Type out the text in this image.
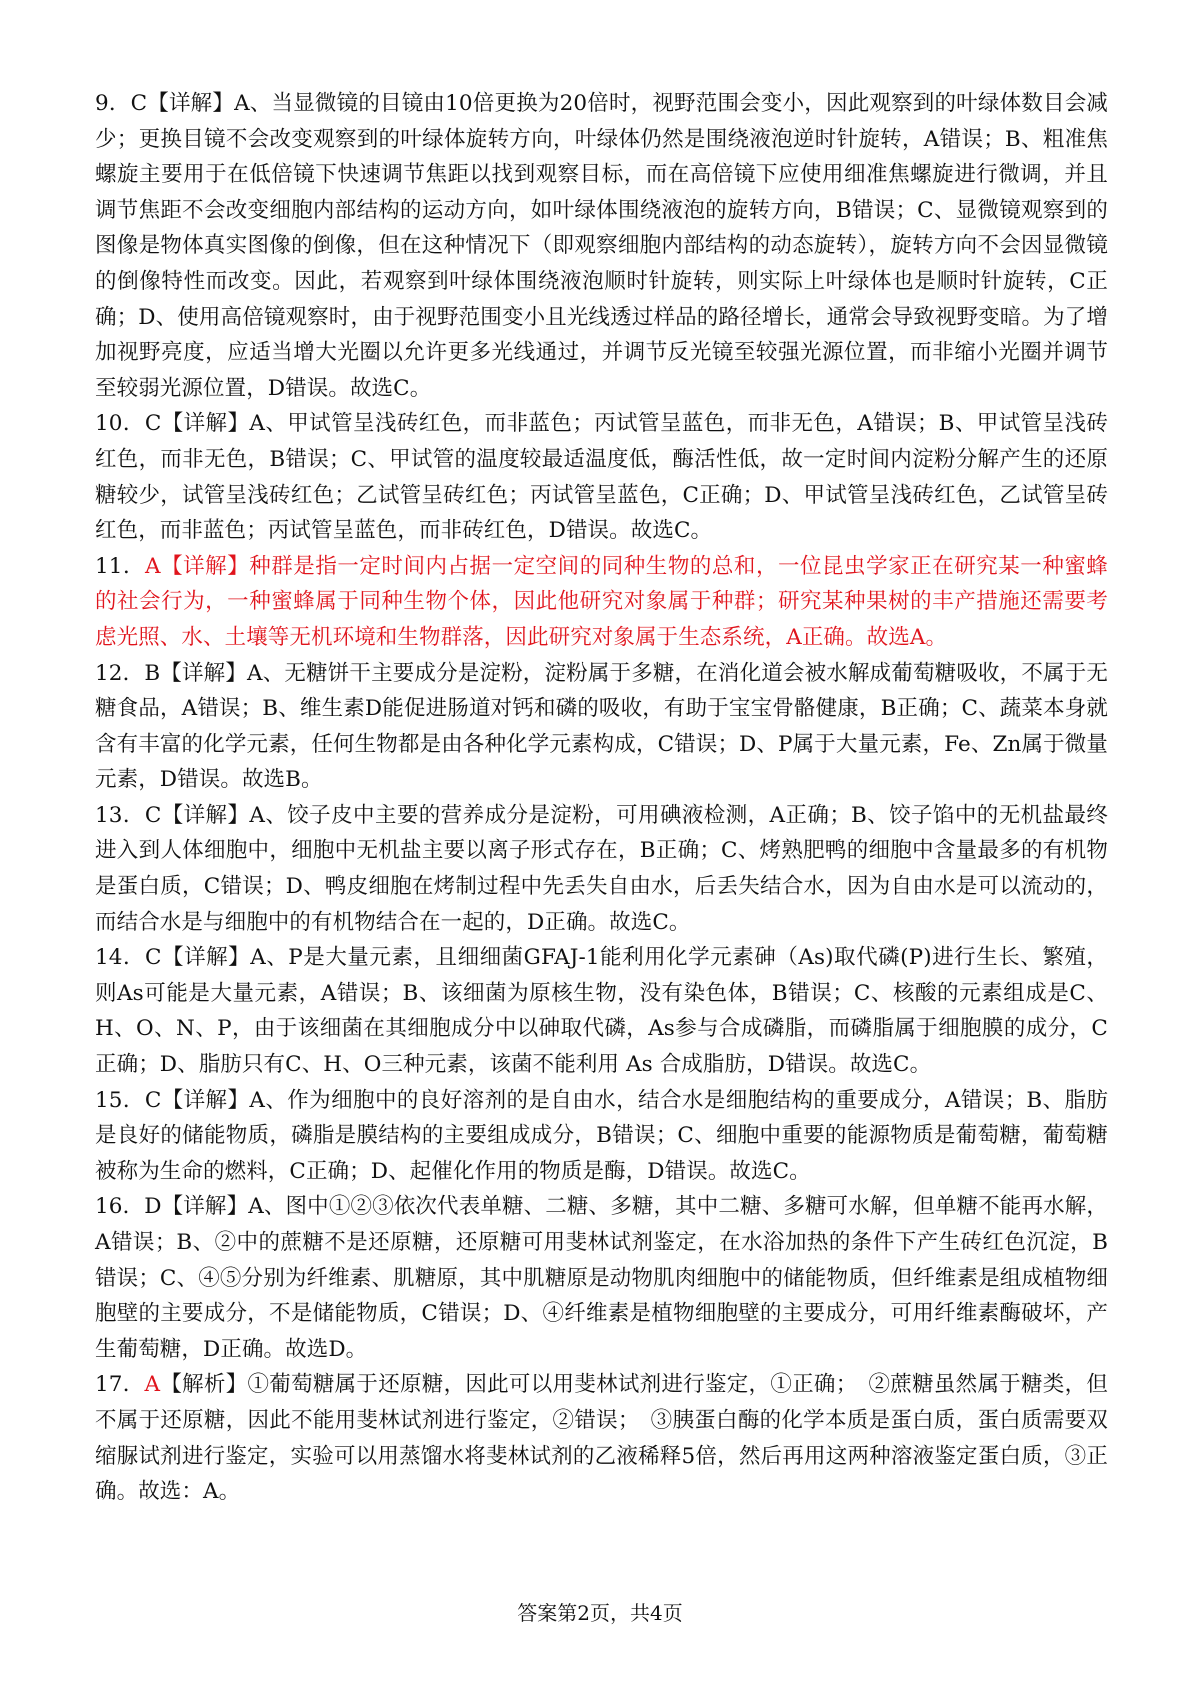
9．C【详解】A、当显微镜的目镜由10倍更换为20倍时，视野范围会变小，因此观察到的叶绿体数目会减少；更换目镜不会改变观察到的叶绿体旋转方向，叶绿体仍然是围绕液泡逆时针旋转，A错误；B、粗准焦螺旋主要用于在低倍镜下快速调节焦距以找到观察目标，而在高倍镜下应使用细准焦螺旋进行微调，并且调节焦距不会改变细胞内部结构的运动方向，如叶绿体围绕液泡的旋转方向，B错误；C、显微镜观察到的图像是物体真实图像的倒像，但在这种情况下（即观察细胞内部结构的动态旋转），旋转方向不会因显微镜的倒像特性而改变。因此，若观察到叶绿体围绕液泡顺时针旋转，则实际上叶绿体也是顺时针旋转，C正确；D、使用高倍镜观察时，由于视野范围变小且光线透过样品的路径增长，通常会导致视野变暗。为了增加视野亮度，应适当增大光圈以允许更多光线通过，并调节反光镜至较强光源位置，而非缩小光圈并调节至较弱光源位置，D错误。故选C。

10．C【详解】A、甲试管呈浅砖红色，而非蓝色；丙试管呈蓝色，而非无色，A错误；B、甲试管呈浅砖红色，而非无色，B错误；C、甲试管的温度较最适温度低，酶活性低，故一定时间内淀粉分解产生的还原糖较少，试管呈浅砖红色；乙试管呈砖红色；丙试管呈蓝色，C正确；D、甲试管呈浅砖红色，乙试管呈砖红色，而非蓝色；丙试管呈蓝色，而非砖红色，D错误。故选C。

11．A【详解】种群是指一定时间内占据一定空间的同种生物的总和，一位昆虫学家正在研究某一种蜜蜂的社会行为，一种蜜蜂属于同种生物个体，因此他研究对象属于种群；研究某种果树的丰产措施还需要考虑光照、水、土壤等无机环境和生物群落，因此研究对象属于生态系统，A正确。故选A。

12．B【详解】A、无糖饼干主要成分是淀粉，淀粉属于多糖，在消化道会被水解成葡萄糖吸收，不属于无糖食品，A错误；B、维生素D能促进肠道对钙和磷的吸收，有助于宝宝骨骼健康，B正确；C、蔬菜本身就含有丰富的化学元素，任何生物都是由各种化学元素构成，C错误；D、P属于大量元素，Fe、Zn属于微量元素，D错误。故选B。

13．C【详解】A、饺子皮中主要的营养成分是淀粉，可用碘液检测，A正确；B、饺子馅中的无机盐最终进入到人体细胞中，细胞中无机盐主要以离子形式存在，B正确；C、烤熟肥鸭的细胞中含量最多的有机物是蛋白质，C错误；D、鸭皮细胞在烤制过程中先丢失自由水，后丢失结合水，因为自由水是可以流动的，而结合水是与细胞中的有机物结合在一起的，D正确。故选C。

14．C【详解】A、P是大量元素，且细细菌GFAJ-1能利用化学元素砷（As)取代磷(P)进行生长、繁殖，则As可能是大量元素，A错误；B、该细菌为原核生物，没有染色体，B错误；C、核酸的元素组成是C、H、O、N、P，由于该细菌在其细胞成分中以砷取代磷，As参与合成磷脂，而磷脂属于细胞膜的成分，C正确；D、脂肪只有C、H、O三种元素，该菌不能利用 As 合成脂肪，D错误。故选C。

15．C【详解】A、作为细胞中的良好溶剂的是自由水，结合水是细胞结构的重要成分，A错误；B、脂肪是良好的储能物质，磷脂是膜结构的主要组成成分，B错误；C、细胞中重要的能源物质是葡萄糖，葡萄糖被称为生命的燃料，C正确；D、起催化作用的物质是酶，D错误。故选C。

16．D【详解】A、图中①②③依次代表单糖、二糖、多糖，其中二糖、多糖可水解，但单糖不能再水解，A错误；B、②中的蔗糖不是还原糖，还原糖可用斐林试剂鉴定，在水浴加热的条件下产生砖红色沉淀，B错误；C、④⑤分别为纤维素、肌糖原，其中肌糖原是动物肌肉细胞中的储能物质，但纤维素是组成植物细胞壁的主要成分，不是储能物质，C错误；D、④纤维素是植物细胞壁的主要成分，可用纤维素酶破坏，产生葡萄糖，D正确。故选D。

17．A【解析】①葡萄糖属于还原糖，因此可以用斐林试剂进行鉴定，①正确；　②蔗糖虽然属于糖类，但不属于还原糖，因此不能用斐林试剂进行鉴定，②错误；　③胰蛋白酶的化学本质是蛋白质，蛋白质需要双缩脲试剂进行鉴定，实验可以用蒸馏水将斐林试剂的乙液稀释5倍，然后再用这两种溶液鉴定蛋白质，③正确。故选：A。

答案第2页，共4页
